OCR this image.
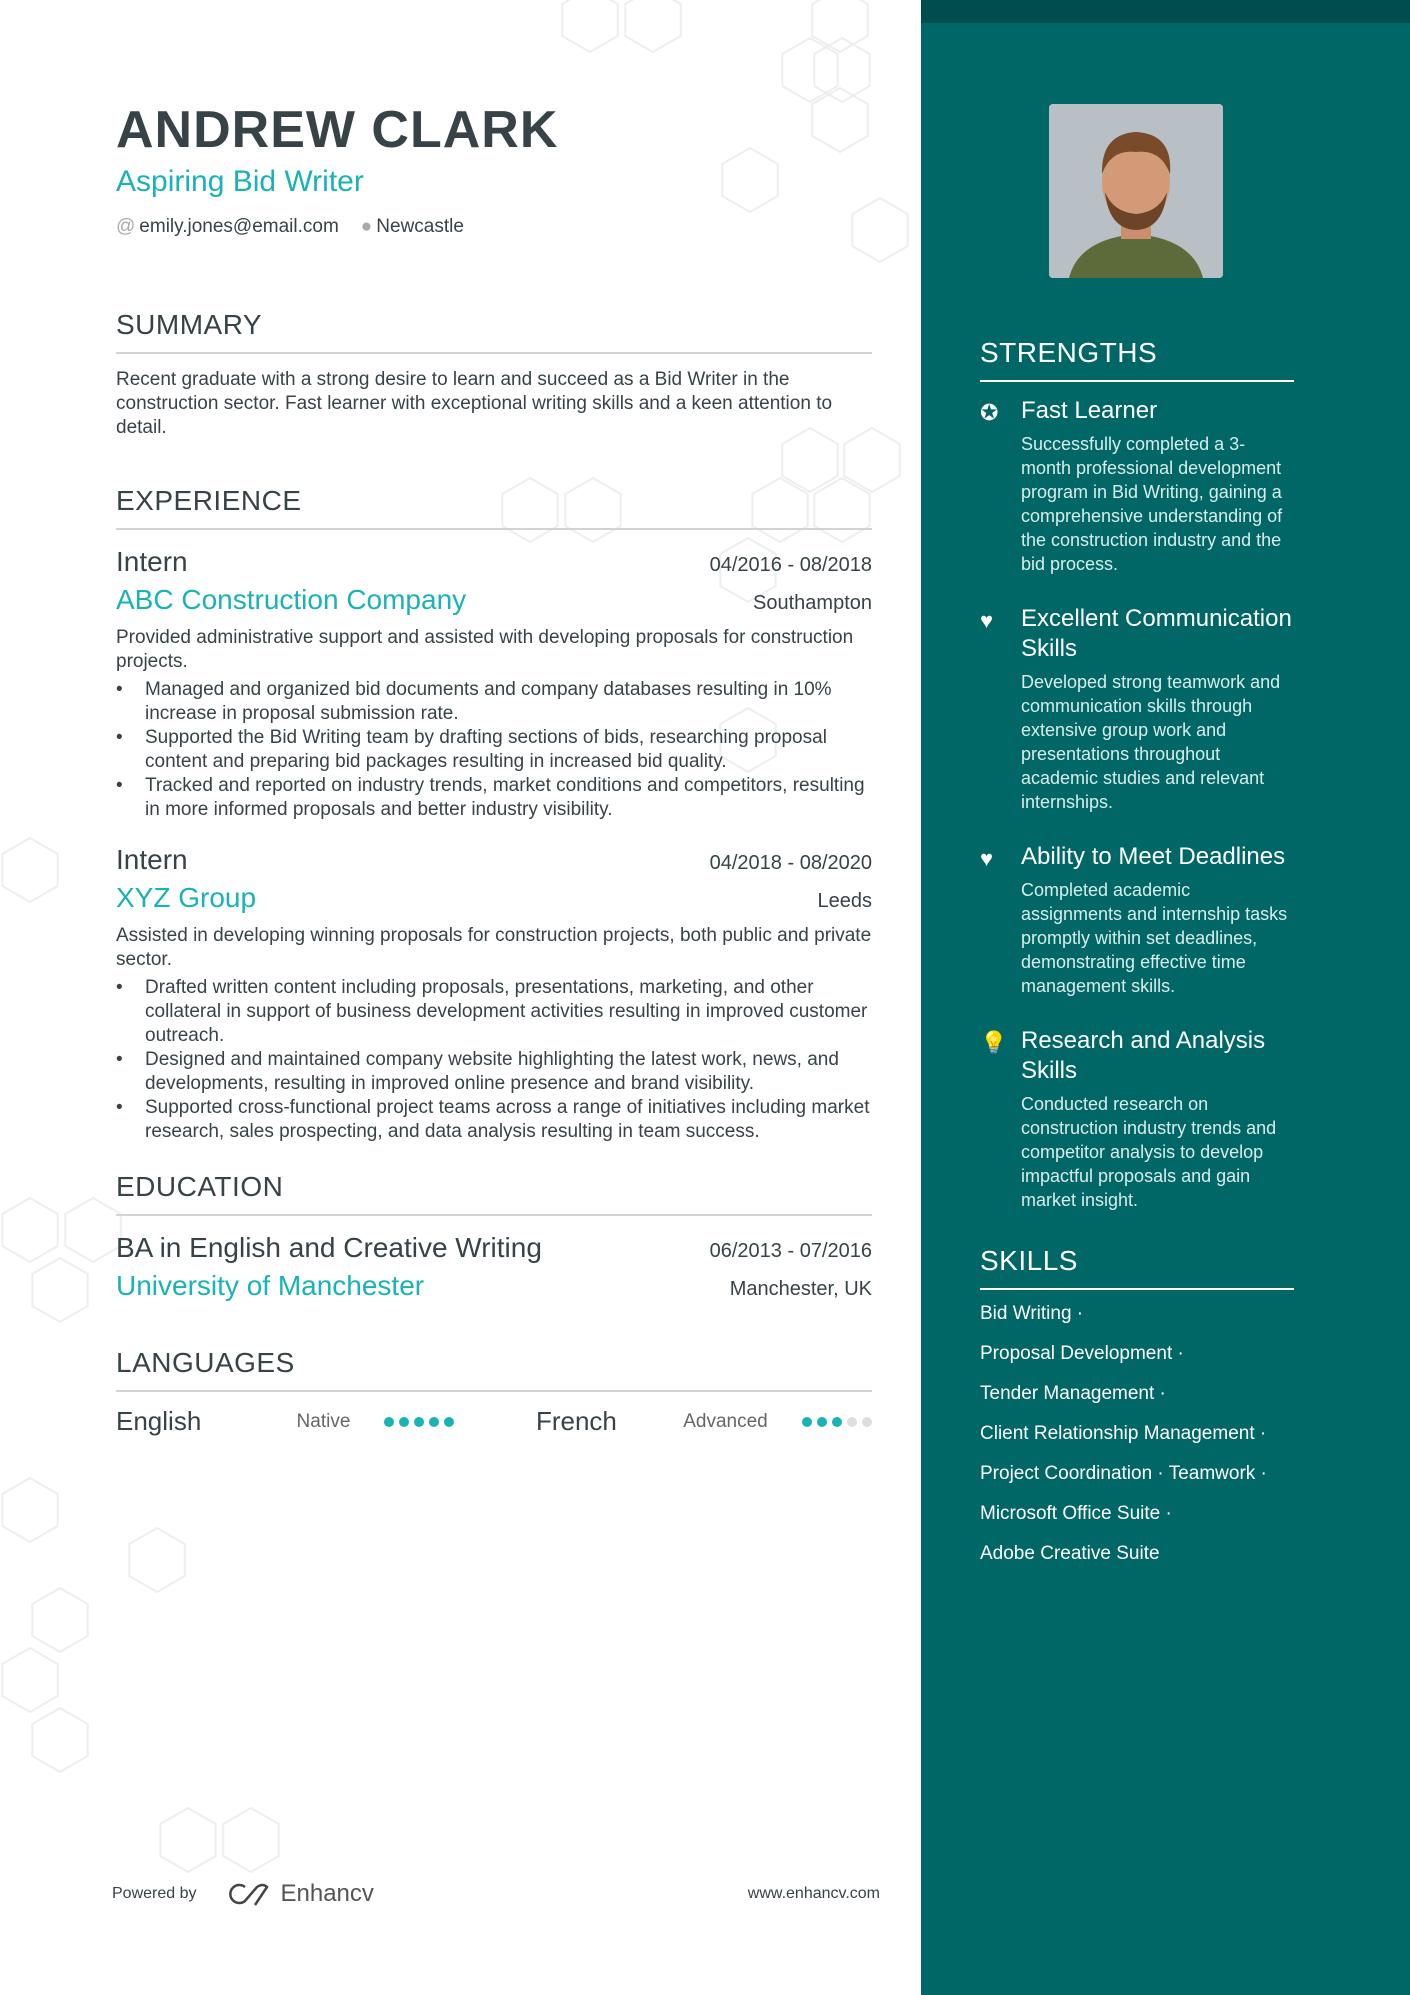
ANDREW CLARK
Aspiring Bid Writer
@ emily.jones@email.com ● Newcastle
SUMMARY

Recent graduate with a strong desire to learn and succeed as a Bid Writer in the construction sector. Fast learner with exceptional writing skills and a keen attention to detail.

EXPERIENCE
Intern	04/2016 - 08/2018
ABC Construction Company	Southampton

Provided administrative support and assisted with developing proposals for construction projects.

• Managed and organized bid documents and company databases resulting in 10% increase in proposal submission rate.
• Supported the Bid Writing team by drafting sections of bids, researching proposal content and preparing bid packages resulting in increased bid quality.
• Tracked and reported on industry trends, market conditions and competitors, resulting in more informed proposals and better industry visibility.
Intern	04/2018 - 08/2020
XYZ Group	Leeds

Assisted in developing winning proposals for construction projects, both public and private sector.

• Drafted written content including proposals, presentations, marketing, and other collateral in support of business development activities resulting in improved customer outreach.
• Designed and maintained company website highlighting the latest work, news, and developments, resulting in improved online presence and brand visibility.
• Supported cross-functional project teams across a range of initiatives including market research, sales prospecting, and data analysis resulting in team success.
EDUCATION
BA in English and Creative Writing	06/2013 - 07/2016
University of Manchester	Manchester, UK
LANGUAGES
English	Native	French	Advanced
Powered by	Enhancv	www.enhancv.com
STRENGTHS
✪ Fast Learner
Successfully completed a 3-month professional development program in Bid Writing, gaining a comprehensive understanding of the construction industry and the bid process.
♥	Excellent Communication Skills
Developed strong teamwork and communication skills through extensive group work and presentations throughout academic studies and relevant internships.
♥	Ability to Meet Deadlines
Completed academic assignments and internship tasks promptly within set deadlines, demonstrating effective time management skills.
💡 Research and Analysis Skills
Conducted research on construction industry trends and competitor analysis to develop impactful proposals and gain market insight.
SKILLS
Bid Writing ·
Proposal Development ·
Tender Management ·
Client Relationship Management ·
Project Coordination · Teamwork ·
Microsoft Office Suite ·
Adobe Creative Suite
